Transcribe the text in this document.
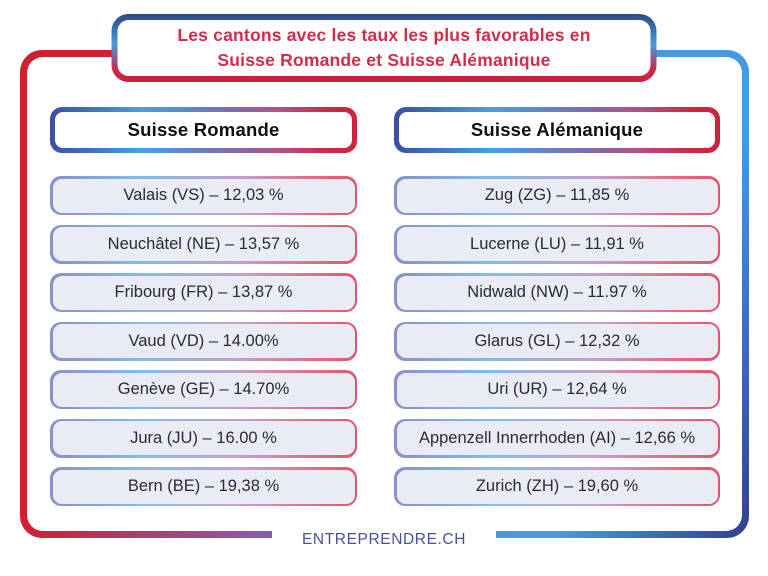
Les cantons avec les taux les plus favorables en
Suisse Romande et Suisse Alémanique
Suisse Romande
Valais (VS) – 12,03 %
Neuchâtel (NE) – 13,57 %
Fribourg (FR) – 13,87 %
Vaud (VD) – 14.00%
Genève (GE) – 14.70%
Jura (JU) – 16.00 %
Bern (BE) – 19,38 %
Suisse Alémanique
Zug (ZG) – 11,85 %
Lucerne (LU) – 11,91 %
Nidwald (NW) – 11.97 %
Glarus (GL) – 12,32 %
Uri (UR) – 12,64 %
Appenzell Innerrhoden (AI) – 12,66 %
Zurich (ZH) – 19,60 %
ENTREPRENDRE.CH
